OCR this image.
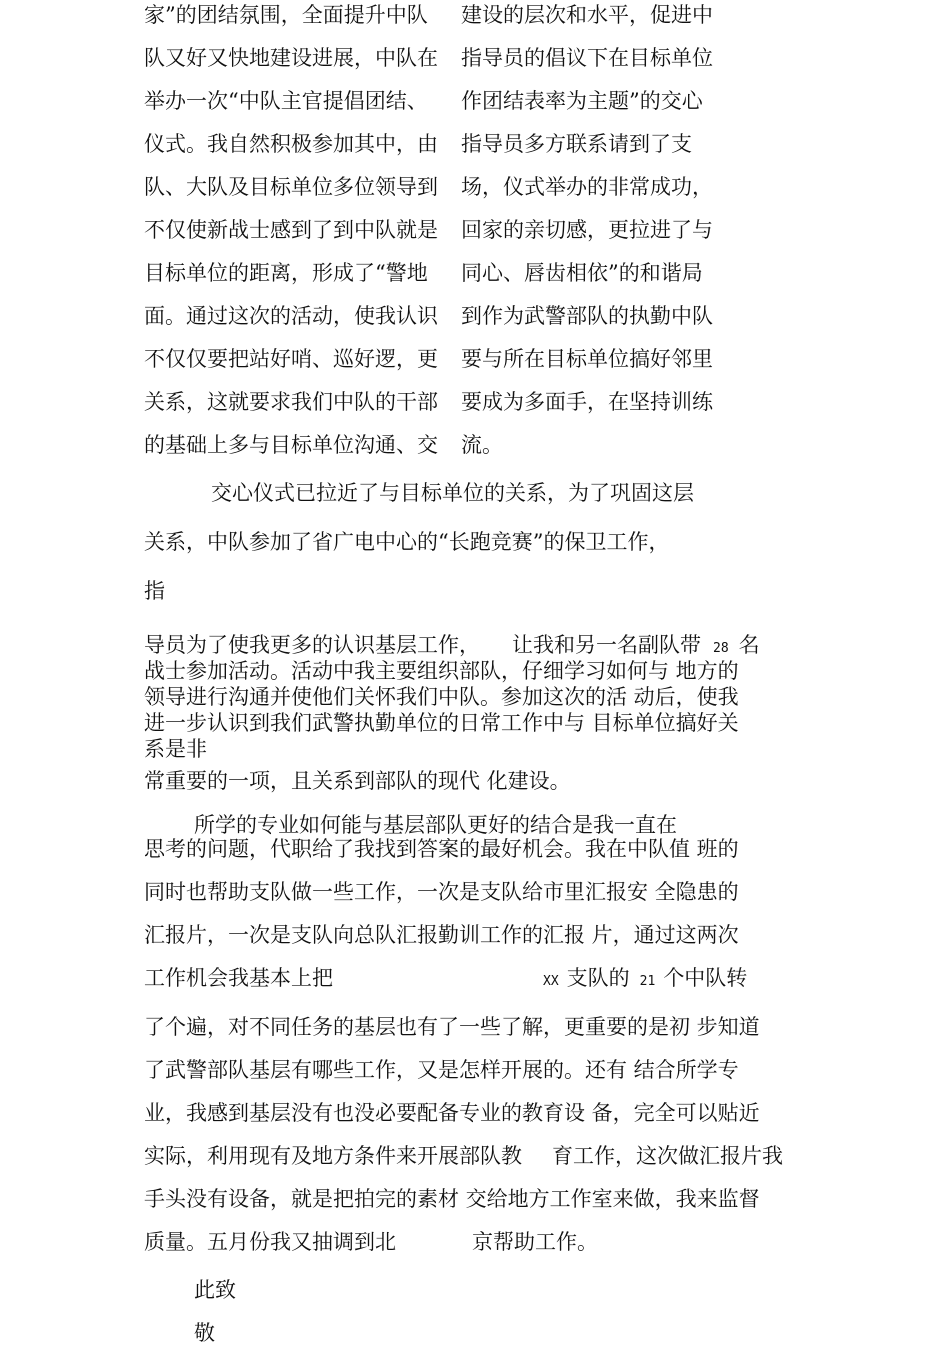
家”的团结氛围，全面提升中队
队又好又快地建设进展，中队在
举办一次“中队主官提倡团结、
仪式。我自然积极参加其中，由
队、大队及目标单位多位领导到
不仅使新战士感到了到中队就是
目标单位的距离，形成了“警地
面。通过这次的活动，使我认识
不仅仅要把站好哨、巡好逻，更
关系，这就要求我们中队的干部
的基础上多与目标单位沟通、交
建设的层次和水平，促进中
指导员的倡议下在目标单位
作团结表率为主题”的交心
指导员多方联系请到了支
场，仪式举办的非常成功，
回家的亲切感，更拉进了与
同心、唇齿相依”的和谐局
到作为武警部队的执勤中队
要与所在目标单位搞好邻里
要成为多面手，在坚持训练
流。
交心仪式已拉近了与目标单位的关系，为了巩固这层
关系，中队参加了省广电中心的“长跑竞赛”的保卫工作，
指
导员为了使我更多的认识基层工作， 让我和另一名副队带 28 名
战士参加活动。活动中我主要组织部队，仔细学习如何与 地方的
领导进行沟通并使他们关怀我们中队。参加这次的活 动后，使我
进一步认识到我们武警执勤单位的日常工作中与 目标单位搞好关
系是非
常重要的一项，且关系到部队的现代 化建设。
所学的专业如何能与基层部队更好的结合是我一直在
思考的问题，代职给了我找到答案的最好机会。我在中队值 班的
同时也帮助支队做一些工作，一次是支队给市里汇报安 全隐患的
汇报片，一次是支队向总队汇报勤训工作的汇报 片，通过这两次
工作机会我基本上把	XX 支队的 21 个中队转
了个遍，对不同任务的基层也有了一些了解，更重要的是初 步知道
了武警部队基层有哪些工作，又是怎样开展的。还有 结合所学专
业，我感到基层没有也没必要配备专业的教育设 备，完全可以贴近
实际，利用现有及地方条件来开展部队教 育工作，这次做汇报片我
手头没有设备，就是把拍完的素材 交给地方工作室来做，我来监督
质量。五月份我又抽调到北	京帮助工作。
此致
敬
